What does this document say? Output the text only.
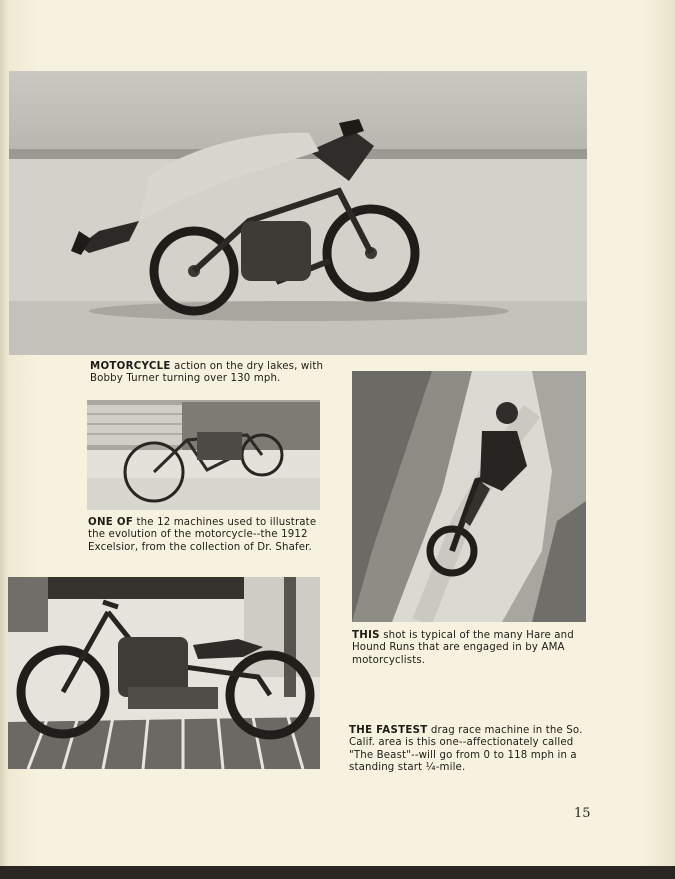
MOTORCYCLE action on the dry lakes, with Bobby Turner turning over 130 mph.

ONE OF the 12 machines used to illustrate the evolution of the motorcycle--the 1912 Excelsior, from the collection of Dr. Shafer.

THIS shot is typical of the many Hare and Hound Runs that are engaged in by AMA motorcyclists.

THE FASTEST drag race machine in the So. Calif. area is this one--affectionately called "The Beast"--will go from 0 to 118 mph in a standing start ¼-mile.

15
